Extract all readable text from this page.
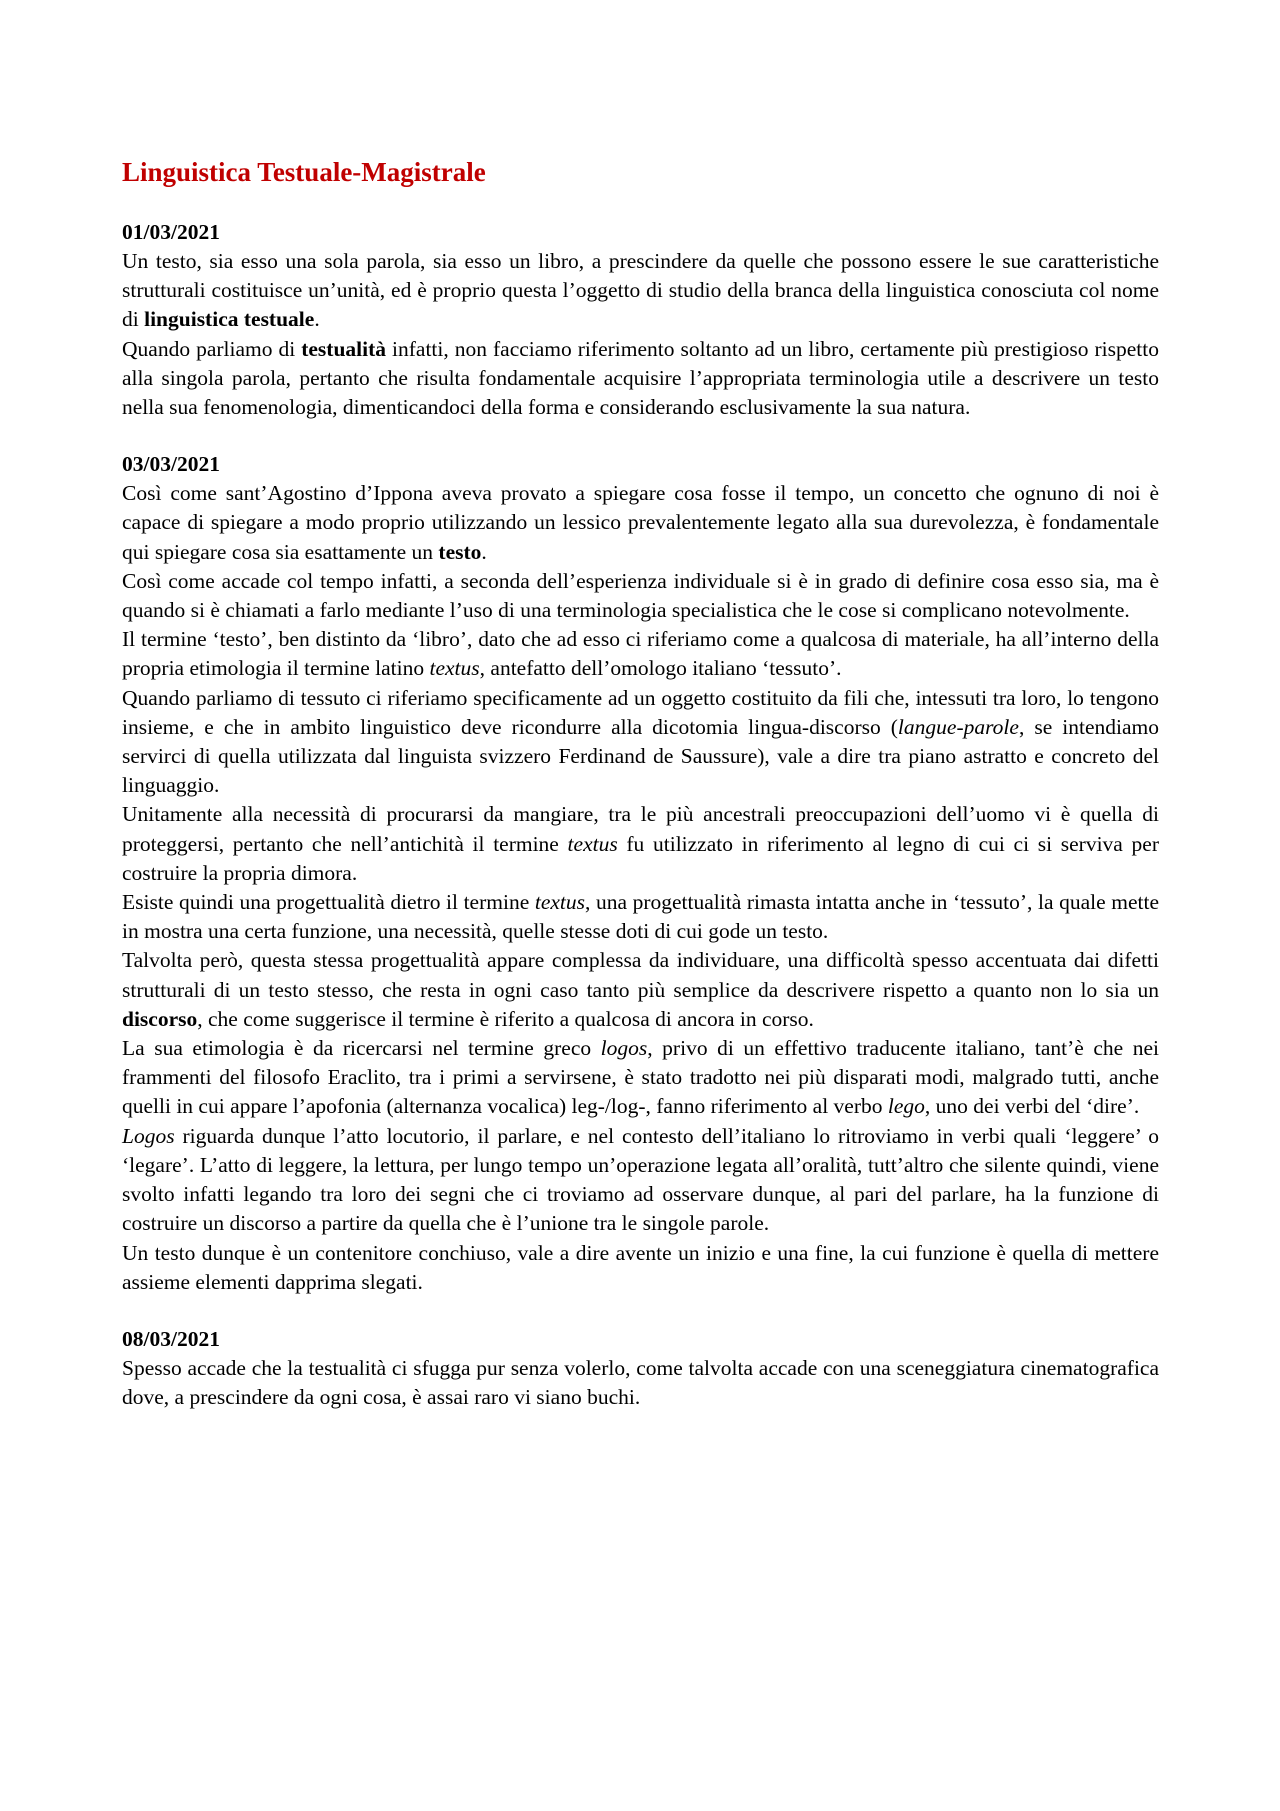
Linguistica Testuale-Magistrale

01/03/2021

Un testo, sia esso una sola parola, sia esso un libro, a prescindere da quelle che possono essere le sue caratteristiche strutturali costituisce un’unità, ed è proprio questa l’oggetto di studio della branca della linguistica conosciuta col nome di linguistica testuale.

Quando parliamo di testualità infatti, non facciamo riferimento soltanto ad un libro, certamente più prestigioso rispetto alla singola parola, pertanto che risulta fondamentale acquisire l’appropriata terminologia utile a descrivere un testo nella sua fenomenologia, dimenticandoci della forma e considerando esclusivamente la sua natura.

03/03/2021

Così come sant’Agostino d’Ippona aveva provato a spiegare cosa fosse il tempo, un concetto che ognuno di noi è capace di spiegare a modo proprio utilizzando un lessico prevalentemente legato alla sua durevolezza, è fondamentale qui spiegare cosa sia esattamente un testo.

Così come accade col tempo infatti, a seconda dell’esperienza individuale si è in grado di definire cosa esso sia, ma è quando si è chiamati a farlo mediante l’uso di una terminologia specialistica che le cose si complicano notevolmente.

Il termine ‘testo’, ben distinto da ‘libro’, dato che ad esso ci riferiamo come a qualcosa di materiale, ha all’interno della propria etimologia il termine latino textus, antefatto dell’omologo italiano ‘tessuto’.

Quando parliamo di tessuto ci riferiamo specificamente ad un oggetto costituito da fili che, intessuti tra loro, lo tengono insieme, e che in ambito linguistico deve ricondurre alla dicotomia lingua-discorso (langue-parole, se intendiamo servirci di quella utilizzata dal linguista svizzero Ferdinand de Saussure), vale a dire tra piano astratto e concreto del linguaggio.

Unitamente alla necessità di procurarsi da mangiare, tra le più ancestrali preoccupazioni dell’uomo vi è quella di proteggersi, pertanto che nell’antichità il termine textus fu utilizzato in riferimento al legno di cui ci si serviva per costruire la propria dimora.

Esiste quindi una progettualità dietro il termine textus, una progettualità rimasta intatta anche in ‘tessuto’, la quale mette in mostra una certa funzione, una necessità, quelle stesse doti di cui gode un testo.

Talvolta però, questa stessa progettualità appare complessa da individuare, una difficoltà spesso accentuata dai difetti strutturali di un testo stesso, che resta in ogni caso tanto più semplice da descrivere rispetto a quanto non lo sia un discorso, che come suggerisce il termine è riferito a qualcosa di ancora in corso.

La sua etimologia è da ricercarsi nel termine greco logos, privo di un effettivo traducente italiano, tant’è che nei frammenti del filosofo Eraclito, tra i primi a servirsene, è stato tradotto nei più disparati modi, malgrado tutti, anche quelli in cui appare l’apofonia (alternanza vocalica) leg-/log-, fanno riferimento al verbo lego, uno dei verbi del ‘dire’.

Logos riguarda dunque l’atto locutorio, il parlare, e nel contesto dell’italiano lo ritroviamo in verbi quali ‘leggere’ o ‘legare’. L’atto di leggere, la lettura, per lungo tempo un’operazione legata all’oralità, tutt’altro che silente quindi, viene svolto infatti legando tra loro dei segni che ci troviamo ad osservare dunque, al pari del parlare, ha la funzione di costruire un discorso a partire da quella che è l’unione tra le singole parole.

Un testo dunque è un contenitore conchiuso, vale a dire avente un inizio e una fine, la cui funzione è quella di mettere assieme elementi dapprima slegati.

08/03/2021

Spesso accade che la testualità ci sfugga pur senza volerlo, come talvolta accade con una sceneggiatura cinematografica dove, a prescindere da ogni cosa, è assai raro vi siano buchi.
